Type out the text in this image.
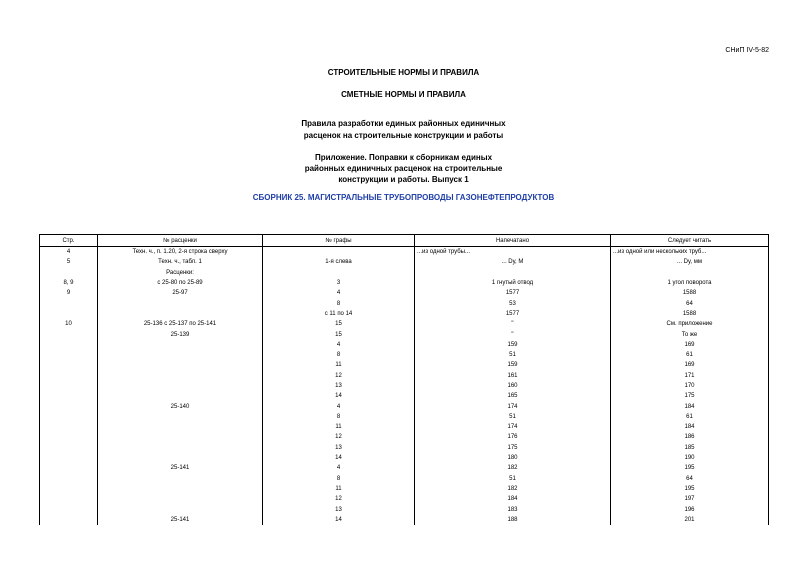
СНиП IV-5-82
СТРОИТЕЛЬНЫЕ НОРМЫ И ПРАВИЛА
СМЕТНЫЕ НОРМЫ И ПРАВИЛА
Правила разработки единых районных единичных
расценок на строительные конструкции и работы
Приложение. Поправки к сборникам единых
районных единичных расценок на строительные
конструкции и работы. Выпуск 1
СБОРНИК 25. МАГИСТРАЛЬНЫЕ ТРУБОПРОВОДЫ ГАЗОНЕФТЕПРОДУКТОВ
Стр.	№ расценки	№ графы	Напечатано	Следует читать
4	Техн. ч., п. 1.20, 2-я строка сверху		...из одной трубы...	...из одной или нескольких труб...
5	Техн. ч., табл. 1	1-я слева	... Dу, М	... Dу, мм
	Расценки:			
8, 9	с 25-80 по 25-89	3	1 гнутый отвод	1 угол поворота
9	25-97	4	1577	1588
		8	53	64
		с 11 по 14	1577	1588
10	25-136 с 25-137 по 25-141	15	"	См. приложение
	25-139	15	"	То же
		4	159	169
		8	51	61
		11	159	169
		12	161	171
		13	160	170
		14	165	175
	25-140	4	174	184
		8	51	61
		11	174	184
		12	176	186
		13	175	185
		14	180	190
	25-141	4	182	195
		8	51	64
		11	182	195
		12	184	197
		13	183	196
	25-141	14	188	201
